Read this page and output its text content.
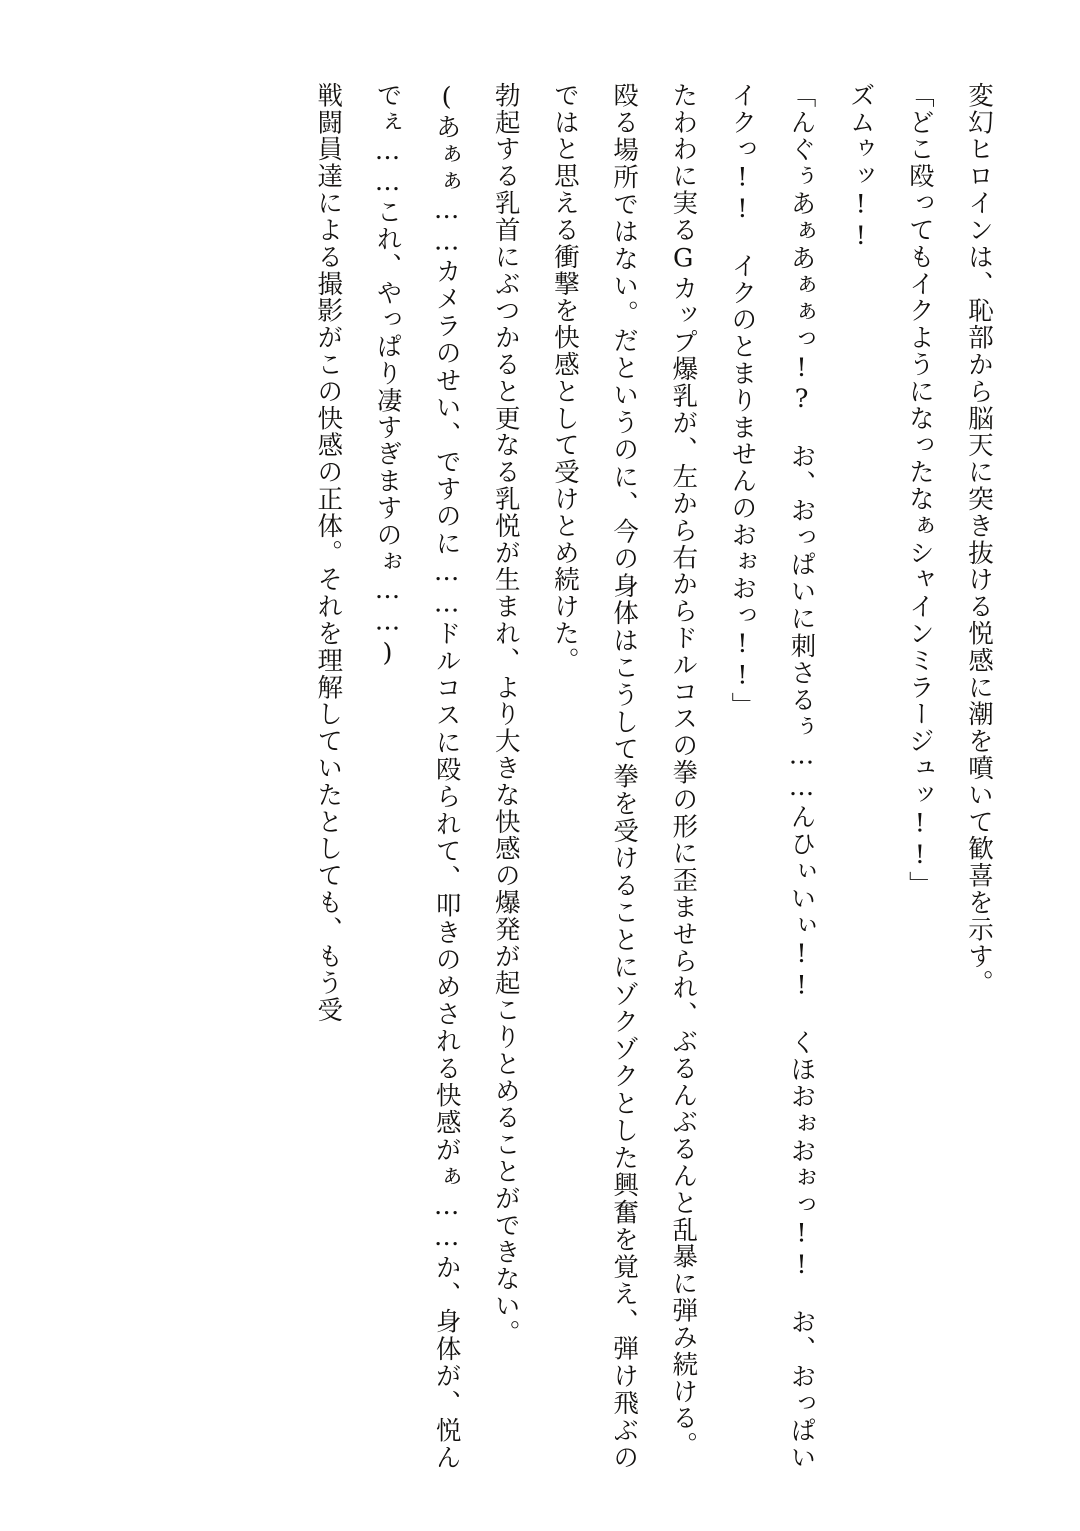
変幻ヒロインは、恥部から脳天に突き抜ける悦感に潮を噴いて歓喜を示す。

「どこ殴ってもイクようになったなぁシャインミラージュッ!!」

ズムゥッ!!

「んぐぅあぁあぁぁっ!?　お、おっぱいに刺さるぅ……んひぃいぃ!!　くほおぉおぉっ!!　お、おっぱいイクっ!!　イクのとまりませんのおぉおっ!!」

たわわに実るGカップ爆乳が、左から右からドルコスの拳の形に歪ませられ、ぶるんぶるんと乱暴に弾み続ける。

殴る場所ではない。だというのに、今の身体はこうして拳を受けることにゾクゾクとした興奮を覚え、弾け飛ぶのではと思える衝撃を快感として受けとめ続けた。

勃起する乳首にぶつかると更なる乳悦が生まれ、より大きな快感の爆発が起こりとめることができない。

(あぁぁ……カメラのせい、ですのに……ドルコスに殴られて、叩きのめされる快感がぁ……か、身体が、悦んでぇ……これ、やっぱり凄すぎますのぉ……)

戦闘員達による撮影がこの快感の正体。それを理解していたとしても、もう受
